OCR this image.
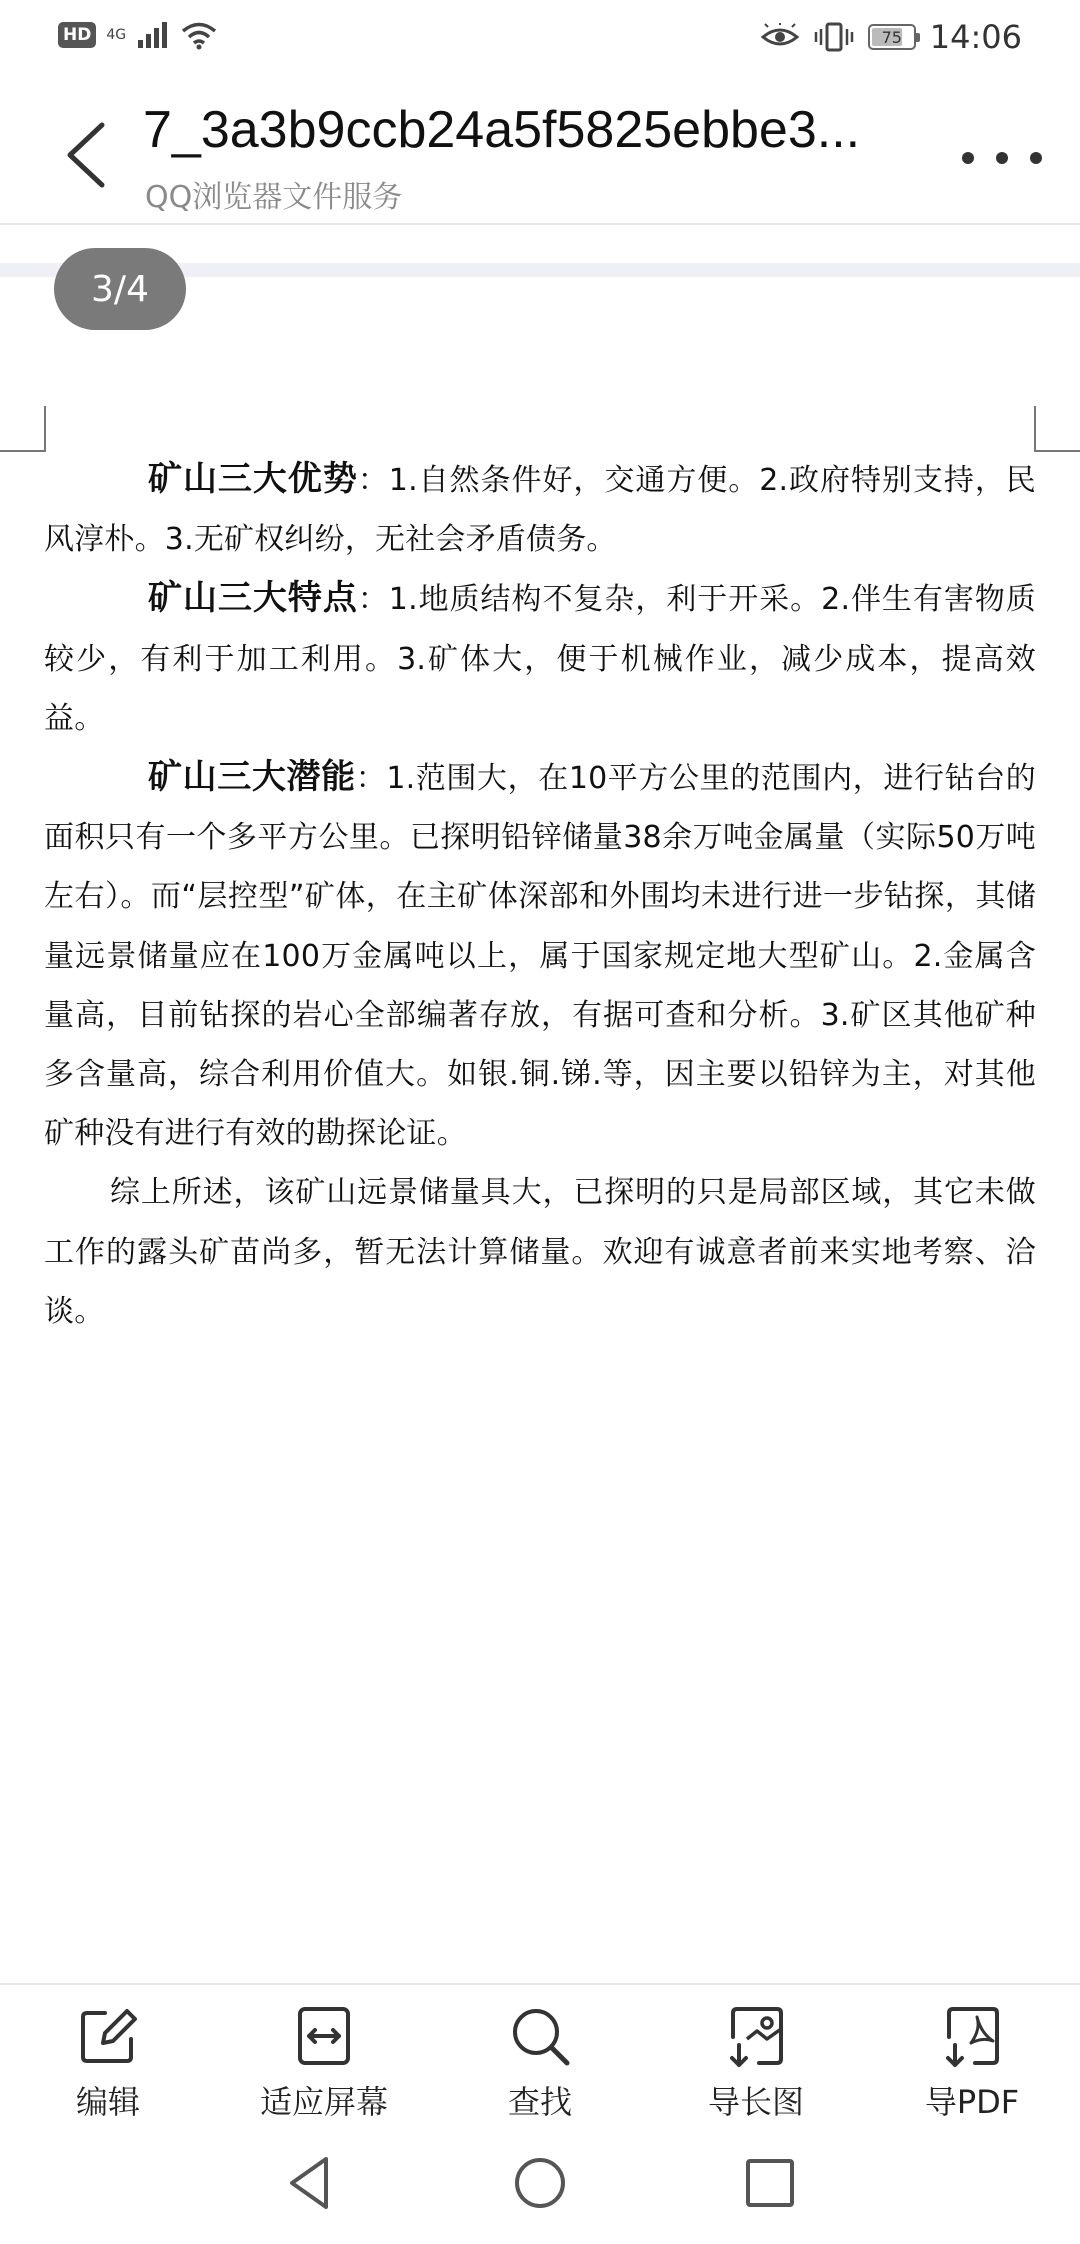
HD	4G	75 14:06
7_3a3b9ccb24a5f5825ebbe3...
QQ浏览器文件服务
3/4

矿山三大优势：1.自然条件好，交通方便。2.政府特别支持，民风淳朴。3.无矿权纠纷，无社会矛盾债务。

矿山三大特点：1.地质结构不复杂，利于开采。2.伴生有害物质较少，有利于加工利用。3.矿体大，便于机械作业，减少成本，提高效益。

矿山三大潜能：1.范围大，在10平方公里的范围内，进行钻台的面积只有一个多平方公里。已探明铅锌储量38余万吨金属量（实际50万吨左右）。而“层控型”矿体，在主矿体深部和外围均未进行进一步钻探，其储量远景储量应在100万金属吨以上，属于国家规定地大型矿山。2.金属含量高，目前钻探的岩心全部编著存放，有据可查和分析。3.矿区其他矿种多含量高，综合利用价值大。如银.铜.锑.等，因主要以铅锌为主，对其他矿种没有进行有效的勘探论证。

综上所述，该矿山远景储量具大，已探明的只是局部区域，其它未做工作的露头矿苗尚多，暂无法计算储量。欢迎有诚意者前来实地考察、洽谈。

编辑	适应屏幕	查找	导长图	导PDF
